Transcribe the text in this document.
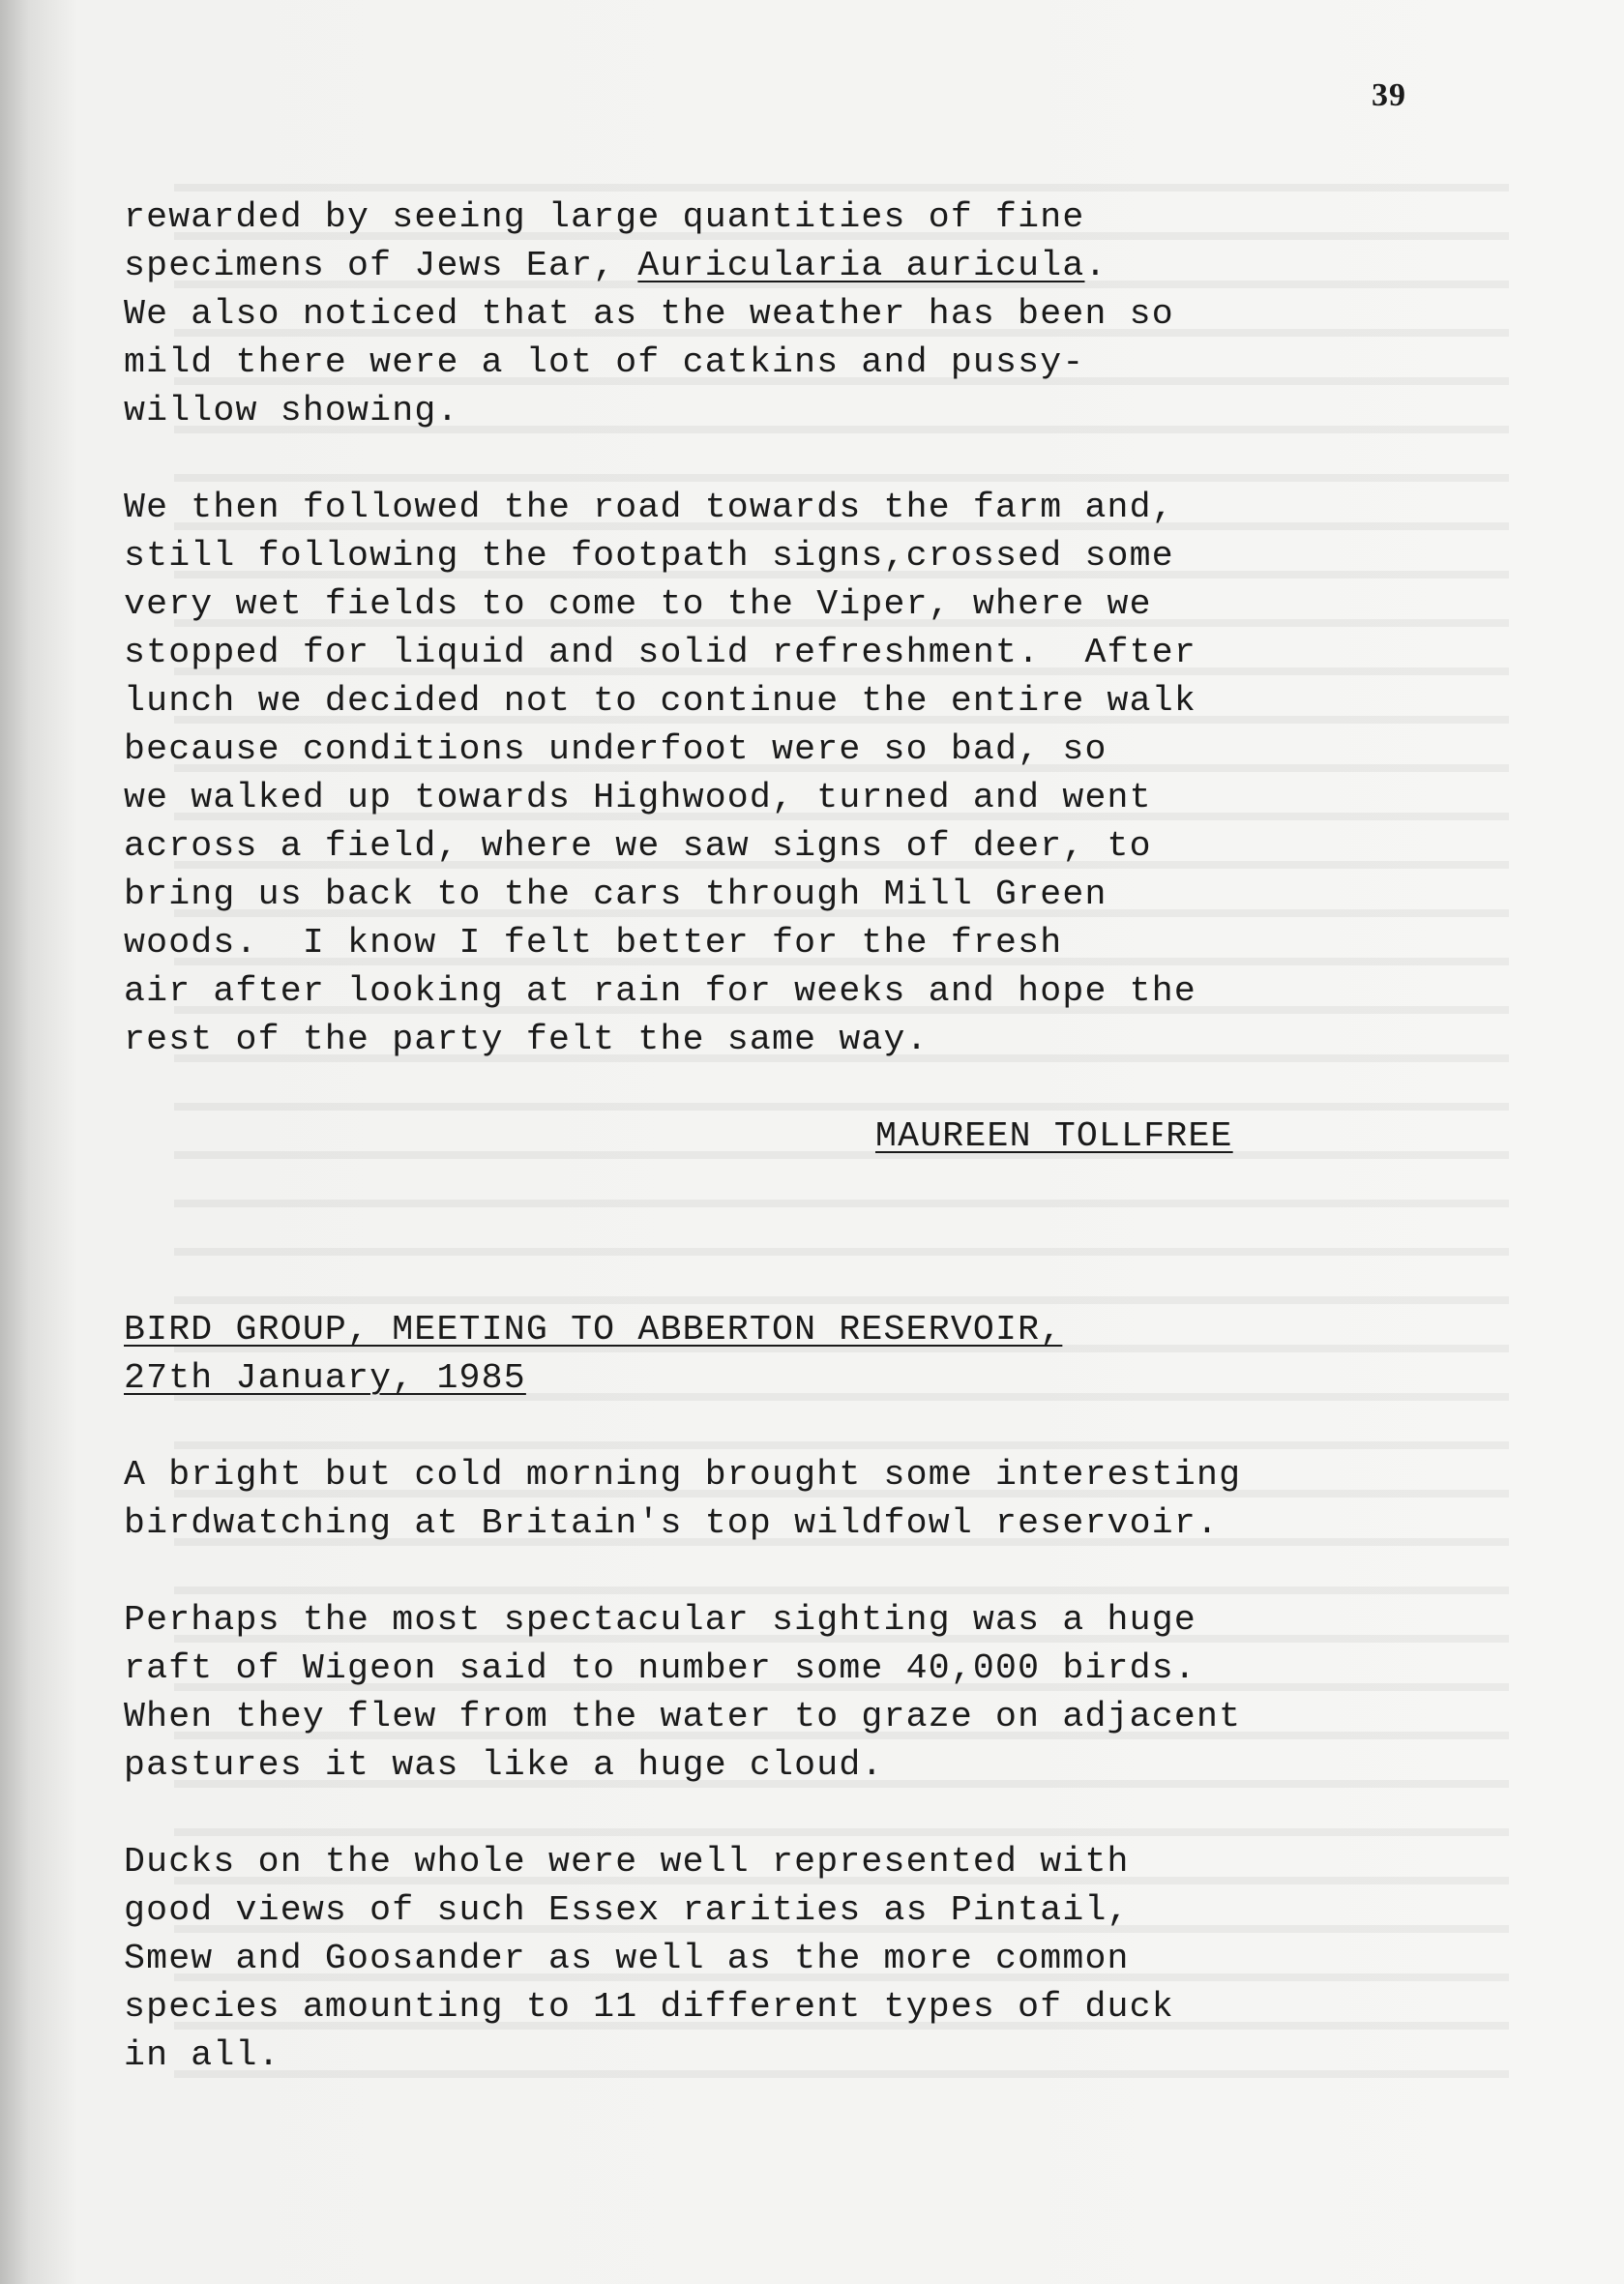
39
rewarded by seeing large quantities of fine
specimens of Jews Ear, Auricularia auricula.
We also noticed that as the weather has been so
mild there were a lot of catkins and pussy-
willow showing.
We then followed the road towards the farm and,
still following the footpath signs,crossed some
very wet fields to come to the Viper, where we
stopped for liquid and solid refreshment.  After
lunch we decided not to continue the entire walk
because conditions underfoot were so bad, so
we walked up towards Highwood, turned and went
across a field, where we saw signs of deer, to
bring us back to the cars through Mill Green
woods.  I know I felt better for the fresh
air after looking at rain for weeks and hope the
rest of the party felt the same way.
MAUREEN TOLLFREE
BIRD GROUP, MEETING TO ABBERTON RESERVOIR,
27th January, 1985
A bright but cold morning brought some interesting
birdwatching at Britain's top wildfowl reservoir.
Perhaps the most spectacular sighting was a huge
raft of Wigeon said to number some 40,000 birds.
When they flew from the water to graze on adjacent
pastures it was like a huge cloud.
Ducks on the whole were well represented with
good views of such Essex rarities as Pintail,
Smew and Goosander as well as the more common
species amounting to 11 different types of duck
in all.
